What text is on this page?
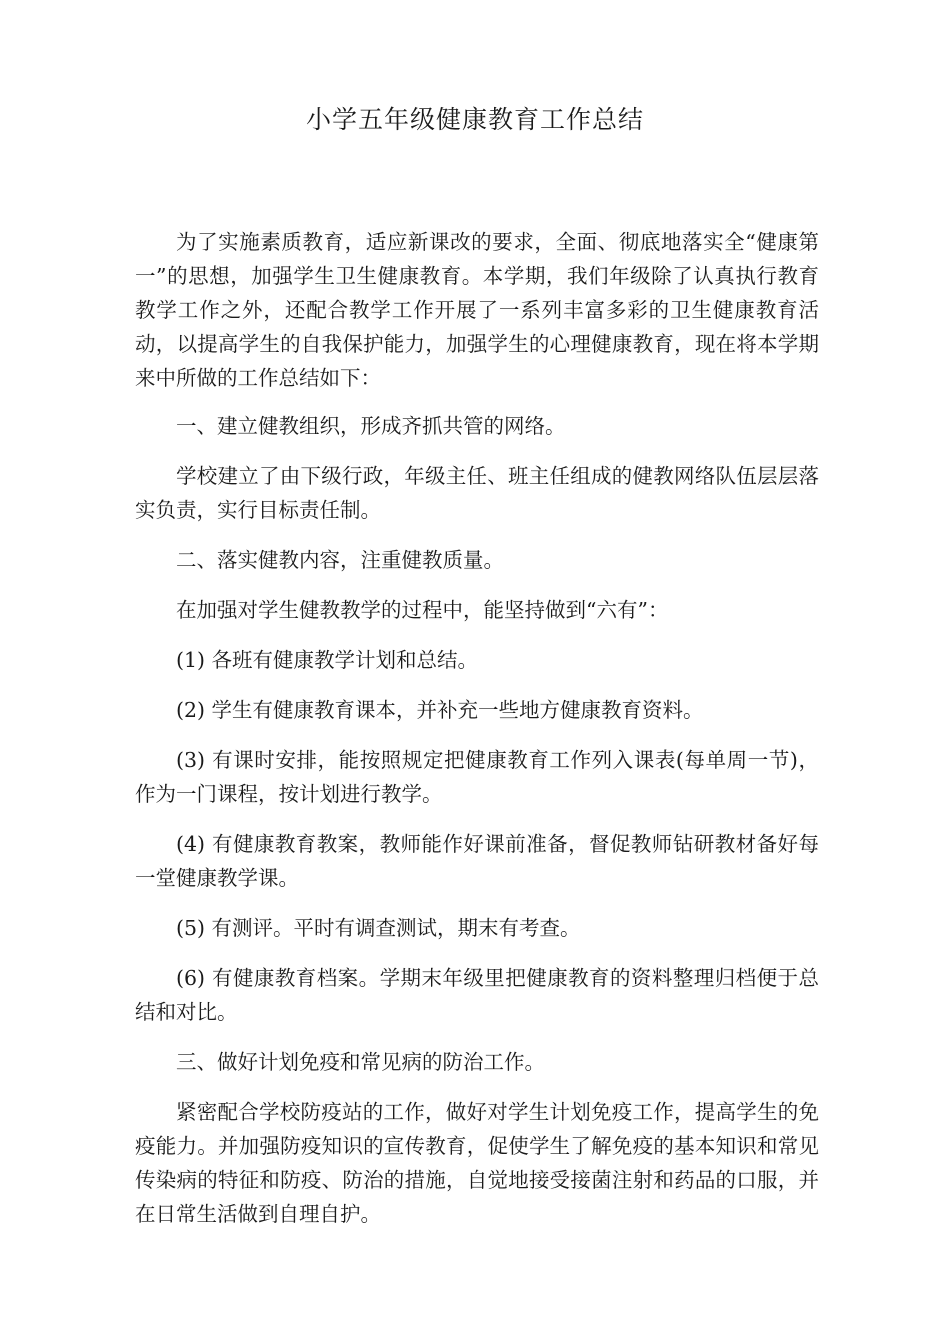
小学五年级健康教育工作总结

为了实施素质教育，适应新课改的要求，全面、彻底地落实全“健康第一”的思想，加强学生卫生健康教育。本学期，我们年级除了认真执行教育教学工作之外，还配合教学工作开展了一系列丰富多彩的卫生健康教育活动，以提高学生的自我保护能力，加强学生的心理健康教育，现在将本学期来中所做的工作总结如下：

一、建立健教组织，形成齐抓共管的网络。

学校建立了由下级行政，年级主任、班主任组成的健教网络队伍层层落实负责，实行目标责任制。

二、落实健教内容，注重健教质量。

在加强对学生健教教学的过程中，能坚持做到“六有”：

(1) 各班有健康教学计划和总结。

(2) 学生有健康教育课本，并补充一些地方健康教育资料。

(3) 有课时安排，能按照规定把健康教育工作列入课表(每单周一节)，作为一门课程，按计划进行教学。

(4) 有健康教育教案，教师能作好课前准备，督促教师钻研教材备好每一堂健康教学课。

(5) 有测评。平时有调查测试，期末有考查。

(6) 有健康教育档案。学期末年级里把健康教育的资料整理归档便于总结和对比。

三、做好计划免疫和常见病的防治工作。

紧密配合学校防疫站的工作，做好对学生计划免疫工作，提高学生的免疫能力。并加强防疫知识的宣传教育，促使学生了解免疫的基本知识和常见传染病的特征和防疫、防治的措施，自觉地接受接菌注射和药品的口服，并在日常生活做到自理自护。
